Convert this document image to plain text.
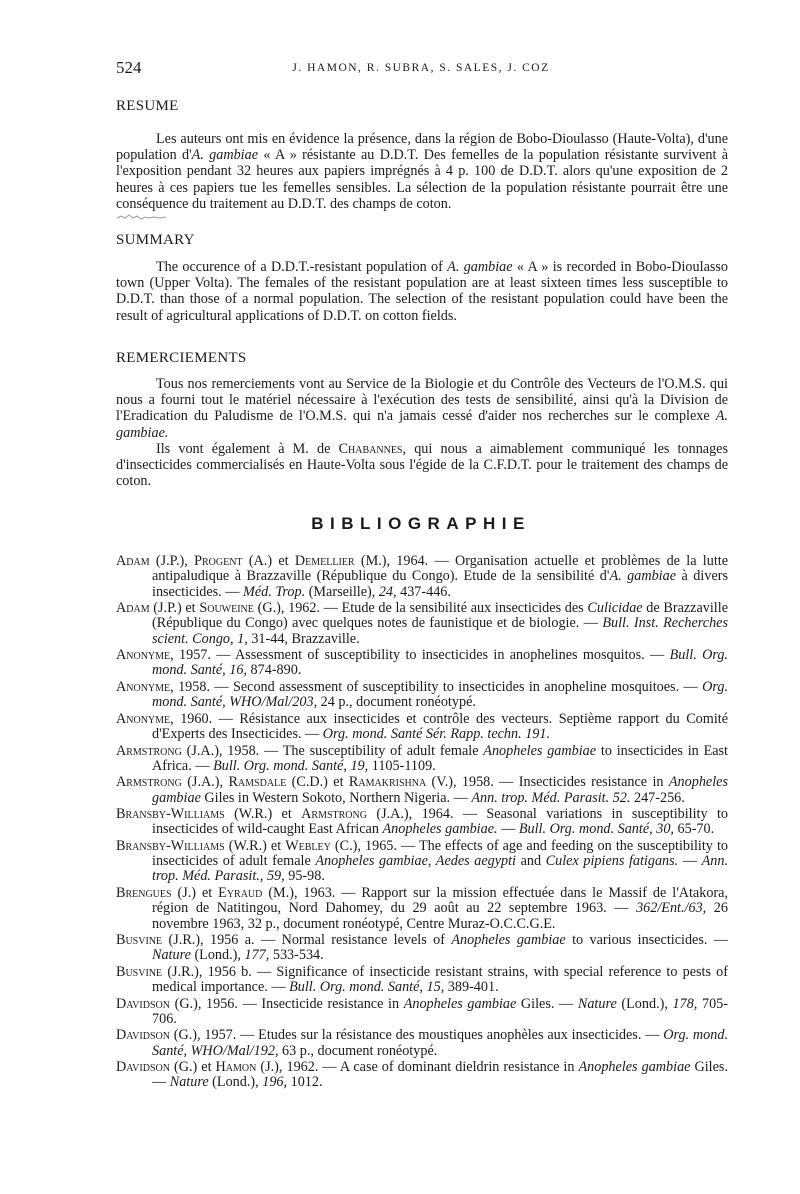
524	J. HAMON, R. SUBRA, S. SALES, J. COZ
RESUME

Les auteurs ont mis en évidence la présence, dans la région de Bobo-Dioulasso (Haute-Volta), d'une population d'A. gambiae « A » résistante au D.D.T. Des femelles de la population résistante survivent à l'exposition pendant 32 heures aux papiers imprégnés à 4 p. 100 de D.D.T. alors qu'une exposition de 2 heures à ces papiers tue les femelles sensibles. La sélection de la population résistante pourrait être une conséquence du traitement au D.D.T. des champs de coton.

SUMMARY

The occurence of a D.D.T.-resistant population of A. gambiae « A » is recorded in Bobo-Dioulasso town (Upper Volta). The females of the resistant population are at least sixteen times less susceptible to D.D.T. than those of a normal population. The selection of the resistant population could have been the result of agricultural applications of D.D.T. on cotton fields.

REMERCIEMENTS

Tous nos remerciements vont au Service de la Biologie et du Contrôle des Vecteurs de l'O.M.S. qui nous a fourni tout le matériel nécessaire à l'exécution des tests de sensibilité, ainsi qu'à la Division de l'Eradication du Paludisme de l'O.M.S. qui n'a jamais cessé d'aider nos recherches sur le complexe A. gambiae.

Ils vont également à M. de Chabannes, qui nous a aimablement communiqué les tonnages d'insecticides commercialisés en Haute-Volta sous l'égide de la C.F.D.T. pour le traitement des champs de coton.

BIBLIOGRAPHIE
Adam (J.P.), Progent (A.) et Demellier (M.), 1964. — Organisation actuelle et problèmes de la lutte antipaludique à Brazzaville (République du Congo). Etude de la sensibilité d'A. gambiae à divers insecticides. — Méd. Trop. (Marseille), 24, 437-446.
Adam (J.P.) et Souweine (G.), 1962. — Etude de la sensibilité aux insecticides des Culicidae de Brazzaville (République du Congo) avec quelques notes de faunistique et de biologie. — Bull. Inst. Recherches scient. Congo, 1, 31-44, Brazzaville.
Anonyme, 1957. — Assessment of susceptibility to insecticides in anophelines mosquitos. — Bull. Org. mond. Santé, 16, 874-890.
Anonyme, 1958. — Second assessment of susceptibility to insecticides in anopheline mosquitoes. — Org. mond. Santé, WHO/Mal/203, 24 p., document ronéotypé.
Anonyme, 1960. — Résistance aux insecticides et contrôle des vecteurs. Septième rapport du Comité d'Experts des Insecticides. — Org. mond. Santé Sér. Rapp. techn. 191.
Armstrong (J.A.), 1958. — The susceptibility of adult female Anopheles gambiae to insecticides in East Africa. — Bull. Org. mond. Santé, 19, 1105-1109.
Armstrong (J.A.), Ramsdale (C.D.) et Ramakrishna (V.), 1958. — Insecticides resistance in Anopheles gambiae Giles in Western Sokoto, Northern Nigeria. — Ann. trop. Méd. Parasit. 52. 247-256.
Bransby-Williams (W.R.) et Armstrong (J.A.), 1964. — Seasonal variations in susceptibility to insecticides of wild-caught East African Anopheles gambiae. — Bull. Org. mond. Santé, 30, 65-70.
Bransby-Williams (W.R.) et Webley (C.), 1965. — The effects of age and feeding on the susceptibility to insecticides of adult female Anopheles gambiae, Aedes aegypti and Culex pipiens fatigans. — Ann. trop. Méd. Parasit., 59, 95-98.
Brengues (J.) et Eyraud (M.), 1963. — Rapport sur la mission effectuée dans le Massif de l'Atakora, région de Natitingou, Nord Dahomey, du 29 août au 22 septembre 1963. — 362/Ent./63, 26 novembre 1963, 32 p., document ronéotypé, Centre Muraz-O.C.C.G.E.
Busvine (J.R.), 1956 a. — Normal resistance levels of Anopheles gambiae to various insecticides. — Nature (Lond.), 177, 533-534.
Busvine (J.R.), 1956 b. — Significance of insecticide resistant strains, with special reference to pests of medical importance. — Bull. Org. mond. Santé, 15, 389-401.
Davidson (G.), 1956. — Insecticide resistance in Anopheles gambiae Giles. — Nature (Lond.), 178, 705-706.
Davidson (G.), 1957. — Etudes sur la résistance des moustiques anophèles aux insecticides. — Org. mond. Santé, WHO/Mal/192, 63 p., document ronéotypé.
Davidson (G.) et Hamon (J.), 1962. — A case of dominant dieldrin resistance in Anopheles gambiae Giles. — Nature (Lond.), 196, 1012.
